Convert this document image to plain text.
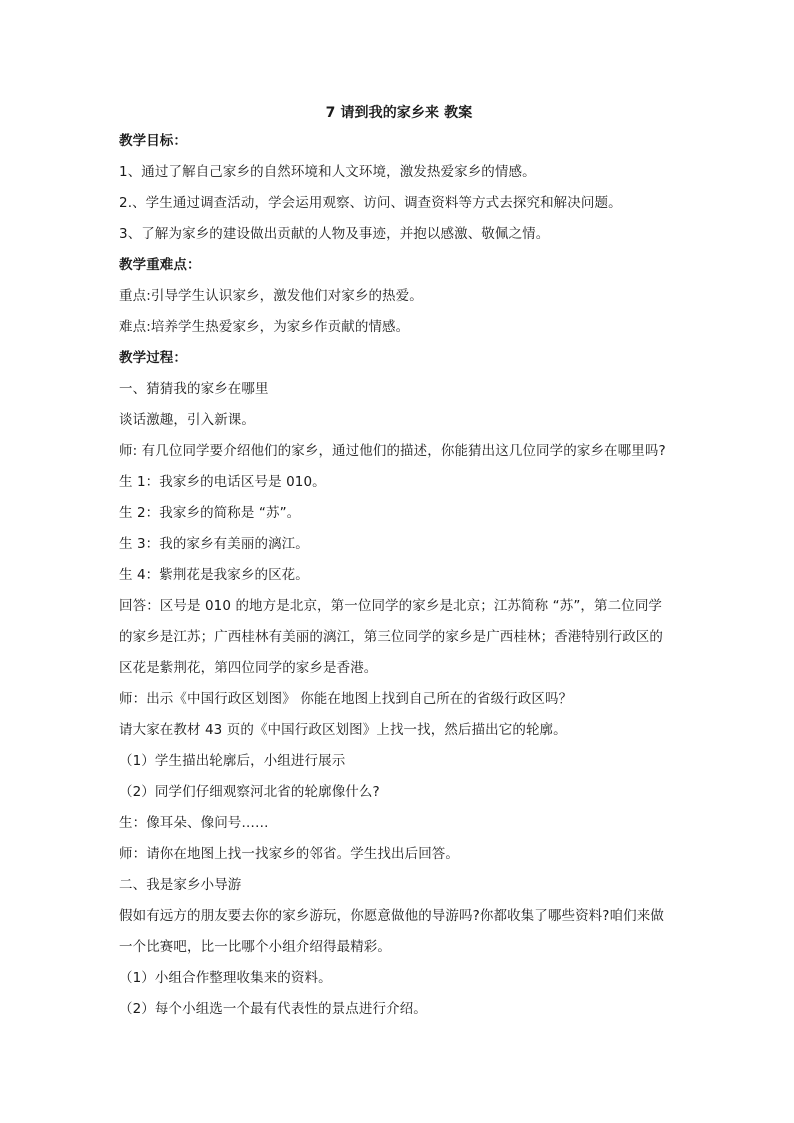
7 请到我的家乡来 教案
教学目标：
1、通过了解自己家乡的自然环境和人文环境，激发热爱家乡的情感。
2.、学生通过调查活动，学会运用观察、访问、调查资料等方式去探究和解决问题。
3、了解为家乡的建设做出贡献的人物及事迹，并抱以感激、敬佩之情。
教学重难点：
重点:引导学生认识家乡，激发他们对家乡的热爱。
难点:培养学生热爱家乡，为家乡作贡献的情感。
教学过程：
一、猜猜我的家乡在哪里
谈话激趣，引入新课。
师: 有几位同学要介绍他们的家乡，通过他们的描述，你能猜出这几位同学的家乡在哪里吗?
生 1：我家乡的电话区号是 010。
生 2：我家乡的简称是 “苏”。
生 3：我的家乡有美丽的漓江。
生 4：紫荆花是我家乡的区花。
回答：区号是 010 的地方是北京，第一位同学的家乡是北京；江苏简称 “苏”，第二位同学
的家乡是江苏；广西桂林有美丽的漓江，第三位同学的家乡是广西桂林；香港特别行政区的
区花是紫荆花，第四位同学的家乡是香港。
师：出示《中国行政区划图》 你能在地图上找到自己所在的省级行政区吗？
请大家在教材 43 页的《中国行政区划图》上找一找，然后描出它的轮廓。
（1）学生描出轮廓后，小组进行展示
（2）同学们仔细观察河北省的轮廓像什么?
生：像耳朵、像问号……
师：请你在地图上找一找家乡的邻省。学生找出后回答。
二、我是家乡小导游
假如有远方的朋友要去你的家乡游玩，你愿意做他的导游吗?你都收集了哪些资料?咱们来做
一个比赛吧，比一比哪个小组介绍得最精彩。
（1）小组合作整理收集来的资料。
（2）每个小组选一个最有代表性的景点进行介绍。
